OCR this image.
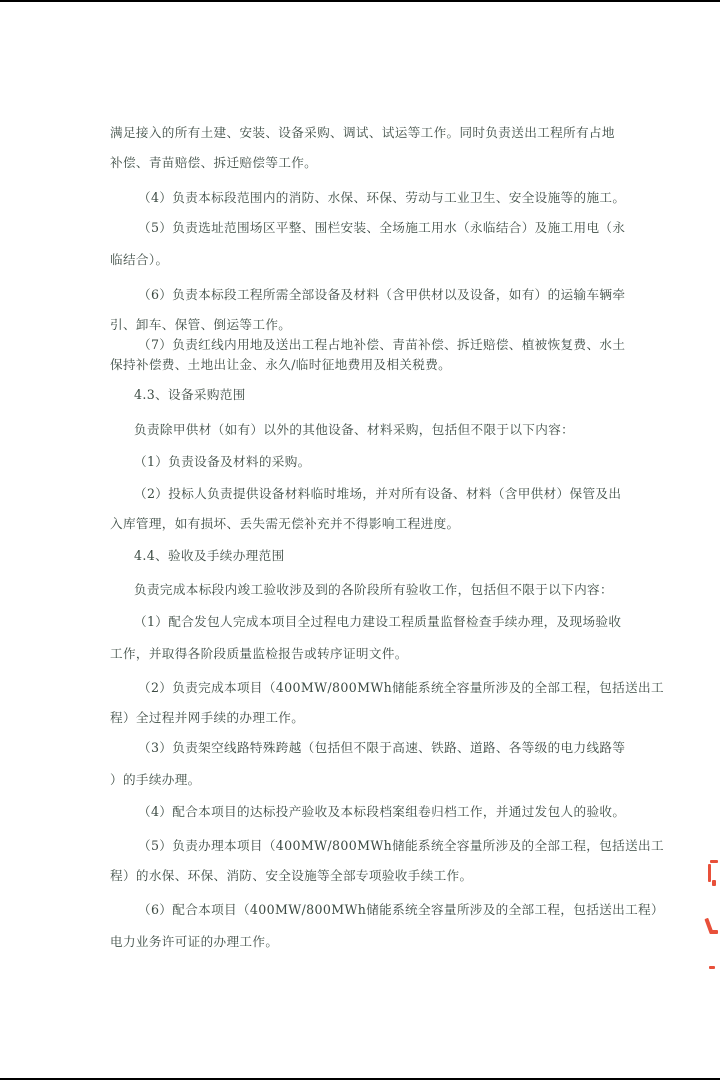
满足接入的所有土建、安装、设备采购、调试、试运等工作。同时负责送出工程所有占地
补偿、青苗赔偿、拆迁赔偿等工作。
（4）负责本标段范围内的消防、水保、环保、劳动与工业卫生、安全设施等的施工。
（5）负责选址范围场区平整、围栏安装、全场施工用水（永临结合）及施工用电（永
临结合）。
（6）负责本标段工程所需全部设备及材料（含甲供材以及设备，如有）的运输车辆牵
引、卸车、保管、倒运等工作。
（7）负责红线内用地及送出工程占地补偿、青苗补偿、拆迁赔偿、植被恢复费、水土
保持补偿费、土地出让金、永久/临时征地费用及相关税费。
4.3、设备采购范围
负责除甲供材（如有）以外的其他设备、材料采购，包括但不限于以下内容：
（1）负责设备及材料的采购。
（2）投标人负责提供设备材料临时堆场，并对所有设备、材料（含甲供材）保管及出
入库管理，如有损坏、丢失需无偿补充并不得影响工程进度。
4.4、验收及手续办理范围
负责完成本标段内竣工验收涉及到的各阶段所有验收工作，包括但不限于以下内容：
（1）配合发包人完成本项目全过程电力建设工程质量监督检查手续办理，及现场验收
工作，并取得各阶段质量监检报告或转序证明文件。
（2）负责完成本项目（400MW/800MWh储能系统全容量所涉及的全部工程，包括送出工
程）全过程并网手续的办理工作。
（3）负责架空线路特殊跨越（包括但不限于高速、铁路、道路、各等级的电力线路等
）的手续办理。
（4）配合本项目的达标投产验收及本标段档案组卷归档工作，并通过发包人的验收。
（5）负责办理本项目（400MW/800MWh储能系统全容量所涉及的全部工程，包括送出工
程）的水保、环保、消防、安全设施等全部专项验收手续工作。
（6）配合本项目（400MW/800MWh储能系统全容量所涉及的全部工程，包括送出工程）
电力业务许可证的办理工作。
